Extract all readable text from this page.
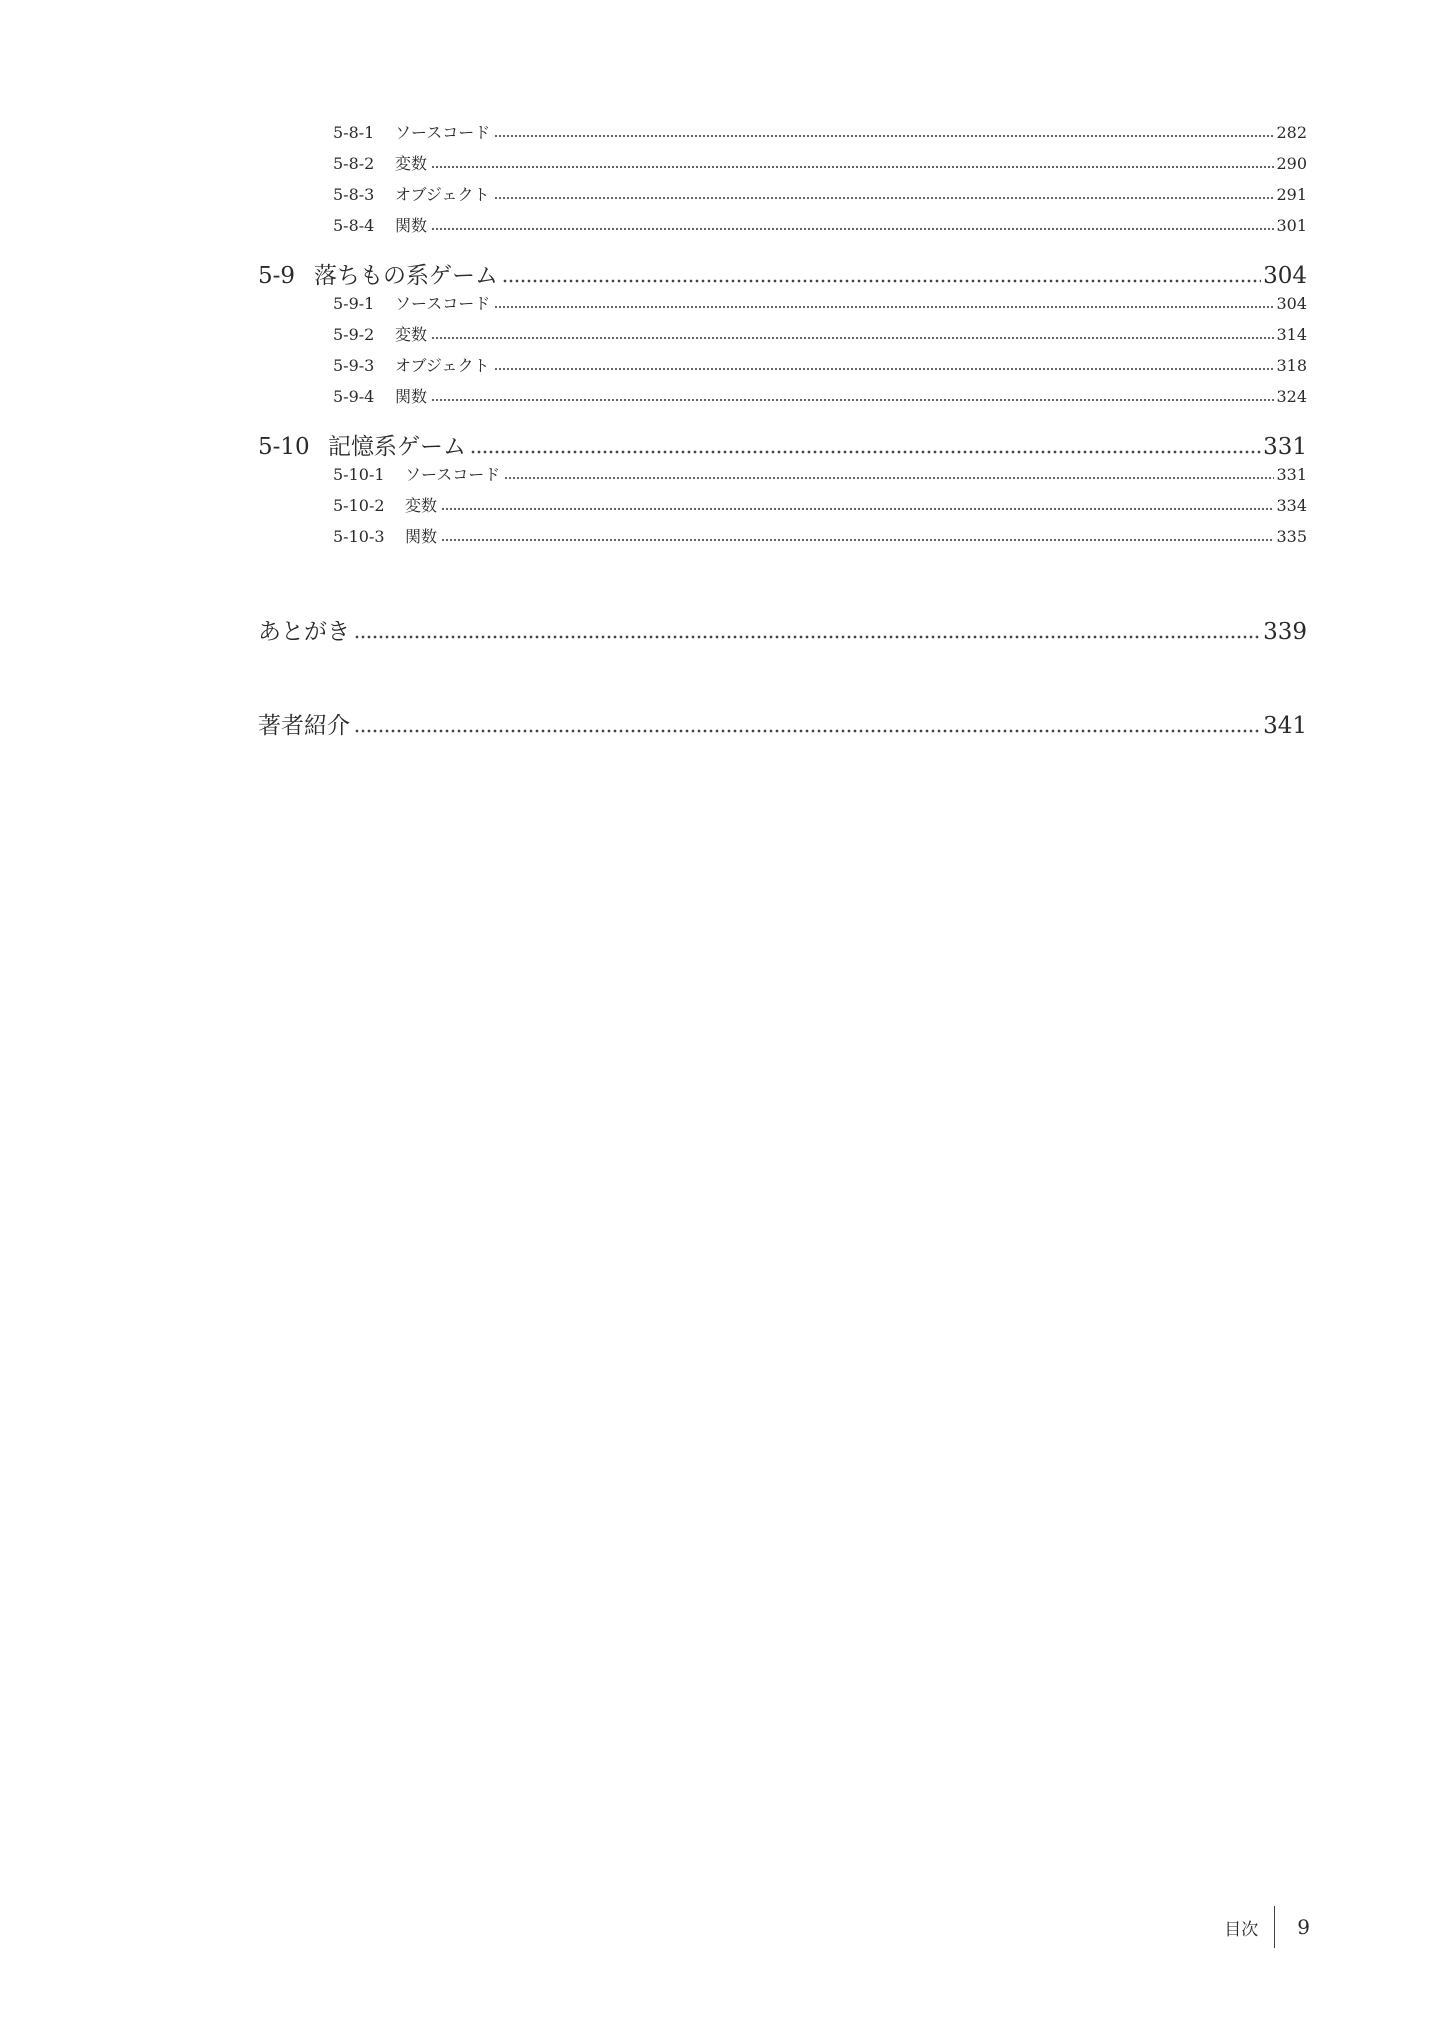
5-8-1	ソースコード	282
5-8-2	変数	290
5-8-3	オブジェクト	291
5-8-4	関数	301
5-9 落ちもの系ゲーム	304
5-9-1	ソースコード	304
5-9-2	変数	314
5-9-3	オブジェクト	318
5-9-4	関数	324
5-10 記憶系ゲーム	331
5-10-1	ソースコード	331
5-10-2	変数	334
5-10-3	関数	335
あとがき	339
著者紹介	341
目次	9
